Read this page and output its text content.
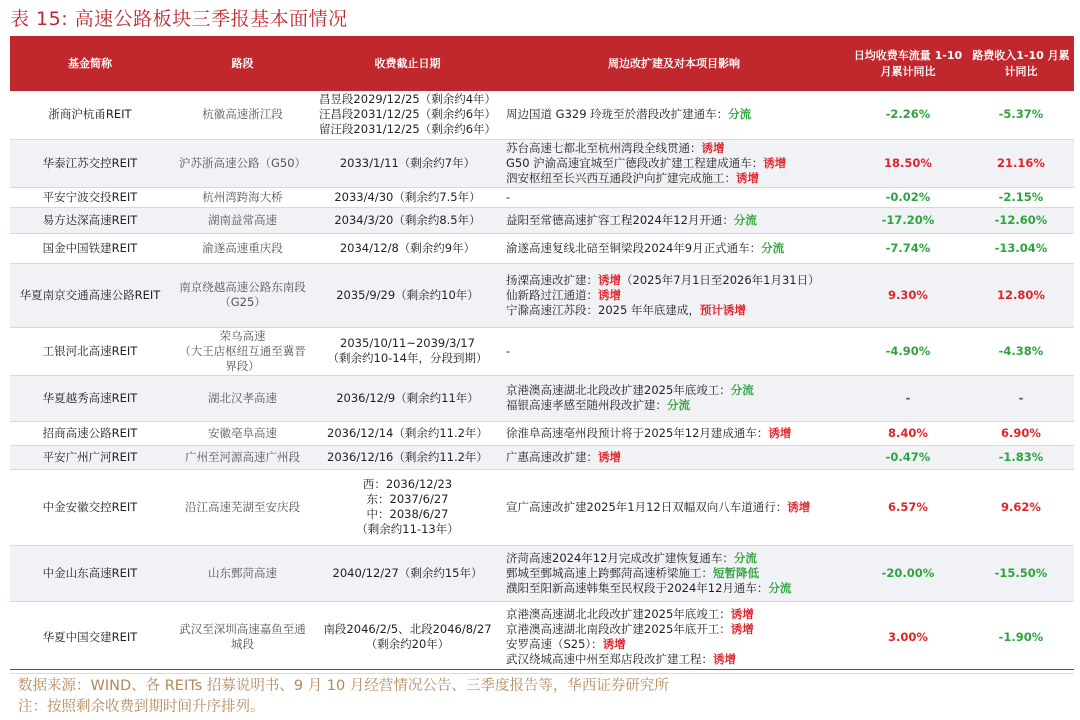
表 15: 高速公路板块三季报基本面情况
基金简称	路段	收费截止日期	周边改扩建及对本项目影响	日均收费车流量 1-10月累计同比	路费收入1-10 月累计同比

浙商沪杭甬REIT	杭徽高速浙江段	昌昱段2029/12/25（剩余约4年）
汪昌段2031/12/25（剩余约6年）
留汪段2031/12/25（剩余约6年）	周边国道 G329 玲珑至於潜段改扩建通车：分流	-2.26%	-5.37%

华泰江苏交控REIT	沪苏浙高速公路（G50）	2033/1/11（剩余约7年）	苏台高速七都北至杭州湾段全线贯通：诱增
G50 沪渝高速宜城至广德段改扩建工程建成通车：诱增
泗安枢纽至长兴西互通段沪向扩建完成施工：诱增	18.50%	21.16%

平安宁波交投REIT	杭州湾跨海大桥	2033/4/30（剩余约7.5年）	-	-0.02%	-2.15%

易方达深高速REIT	湖南益常高速	2034/3/20（剩余约8.5年）	益阳至常德高速扩容工程2024年12月开通：分流	-17.20%	-12.60%

国金中国铁建REIT	渝遂高速重庆段	2034/12/8（剩余约9年）	渝遂高速复线北碚至铜梁段2024年9月正式通车：分流	-7.74%	-13.04%

华夏南京交通高速公路REIT	南京绕越高速公路东南段
（G25）	2035/9/29（剩余约10年）	扬溧高速改扩建：诱增（2025年7月1日至2026年1月31日）
仙新路过江通道：诱增
宁滁高速江苏段：2025 年年底建成，预计诱增	9.30%	12.80%

工银河北高速REIT	荣乌高速
（大王店枢纽互通至冀晋
界段）	2035/10/11~2039/3/17
（剩余约10-14年，分段到期）	-	-4.90%	-4.38%

华夏越秀高速REIT	湖北汉孝高速	2036/12/9（剩余约11年）	京港澳高速湖北北段改扩建2025年底竣工：分流
福银高速孝感至随州段改扩建：分流	-	-

招商高速公路REIT	安徽亳阜高速	2036/12/14（剩余约11.2年）	徐淮阜高速亳州段预计将于2025年12月建成通车：诱增	8.40%	6.90%

平安广州广河REIT	广州至河源高速广州段	2036/12/16（剩余约11.2年）	广惠高速改扩建：诱增	-0.47%	-1.83%

中金安徽交控REIT	沿江高速芜湖至安庆段	西：2036/12/23
东：2037/6/27
中：2038/6/27
（剩余约11-13年）	宣广高速改扩建2025年1月12日双幅双向八车道通行：诱增	6.57%	9.62%

中金山东高速REIT	山东鄄菏高速	2040/12/27（剩余约15年）	济菏高速2024年12月完成改扩建恢复通车：分流
鄄城至鄄城高速上跨鄄菏高速桥梁施工：短暂降低
濮阳至阳新高速韩集至民权段于2024年12月通车：分流	-20.00%	-15.50%

华夏中国交建REIT	武汉至深圳高速嘉鱼至通
城段	南段2046/2/5、北段2046/8/27
（剩余约20年）	京港澳高速湖北北段改扩建2025年底竣工：诱增
京港澳高速湖北南段改扩建2025年底开工：诱增
安罗高速（S25）：诱增
武汉绕城高速中州至郑店段改扩建工程：诱增	3.00%	-1.90%
数据来源：WIND、各 REITs 招募说明书、9 月 10 月经营情况公告、三季度报告等，华西证券研究所
注：按照剩余收费到期时间升序排列。
